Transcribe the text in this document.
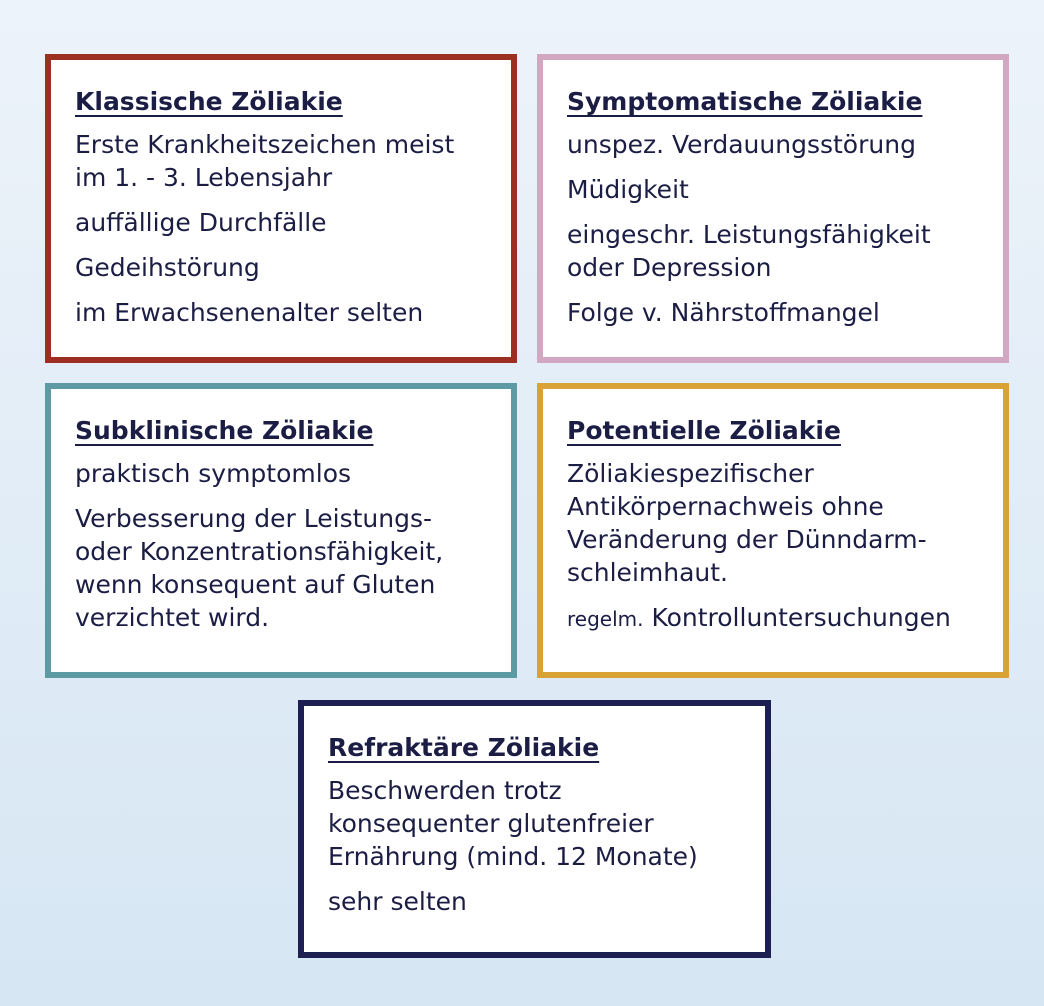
Klassische Zöliakie
Erste Krankheitszeichen meist
im 1. - 3. Lebensjahr
auffällige Durchfälle
Gedeihstörung
im Erwachsenenalter selten
Symptomatische Zöliakie
unspez. Verdauungsstörung
Müdigkeit
eingeschr. Leistungsfähigkeit
oder Depression
Folge v. Nährstoffmangel
Subklinische Zöliakie
praktisch symptomlos
Verbesserung der Leistungs-
oder Konzentrationsfähigkeit,
wenn konsequent auf Gluten
verzichtet wird.
Potentielle Zöliakie
Zöliakiespezifischer
Antikörpernachweis ohne
Veränderung der Dünndarm-
schleimhaut.
regelm. Kontrolluntersuchungen
Refraktäre Zöliakie
Beschwerden trotz
konsequenter glutenfreier
Ernährung (mind. 12 Monate)
sehr selten
